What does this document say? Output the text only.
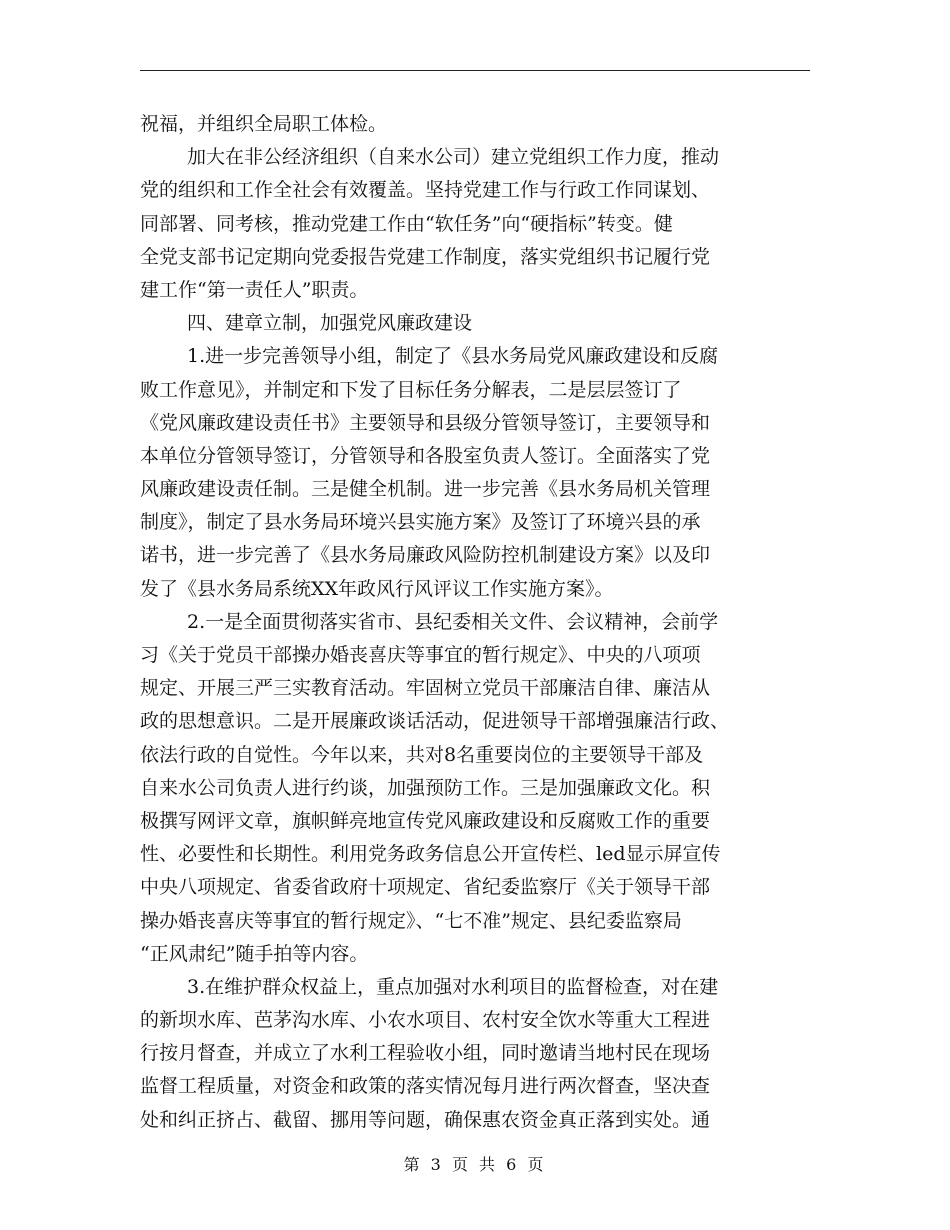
祝福，并组织全局职工体检。
加大在非公经济组织（自来水公司）建立党组织工作力度，推动
党的组织和工作全社会有效覆盖。坚持党建工作与行政工作同谋划、
同部署、同考核，推动党建工作由“软任务”向“硬指标”转变。健
全党支部书记定期向党委报告党建工作制度，落实党组织书记履行党
建工作“第一责任人”职责。
四、建章立制，加强党风廉政建设
1.进一步完善领导小组，制定了《县水务局党风廉政建设和反腐
败工作意见》，并制定和下发了目标任务分解表，二是层层签订了
《党风廉政建设责任书》主要领导和县级分管领导签订，主要领导和
本单位分管领导签订，分管领导和各股室负责人签订。全面落实了党
风廉政建设责任制。三是健全机制。进一步完善《县水务局机关管理
制度》，制定了县水务局环境兴县实施方案》及签订了环境兴县的承
诺书，进一步完善了《县水务局廉政风险防控机制建设方案》以及印
发了《县水务局系统XX年政风行风评议工作实施方案》。
2.一是全面贯彻落实省市、县纪委相关文件、会议精神，会前学
习《关于党员干部操办婚丧喜庆等事宜的暂行规定》、中央的八项项
规定、开展三严三实教育活动。牢固树立党员干部廉洁自律、廉洁从
政的思想意识。二是开展廉政谈话活动，促进领导干部增强廉洁行政、
依法行政的自觉性。今年以来，共对8名重要岗位的主要领导干部及
自来水公司负责人进行约谈，加强预防工作。三是加强廉政文化。积
极撰写网评文章，旗帜鲜亮地宣传党风廉政建设和反腐败工作的重要
性、必要性和长期性。利用党务政务信息公开宣传栏、led显示屏宣传
中央八项规定、省委省政府十项规定、省纪委监察厅《关于领导干部
操办婚丧喜庆等事宜的暂行规定》、“七不准”规定、县纪委监察局
“正风肃纪”随手拍等内容。
3.在维护群众权益上，重点加强对水利项目的监督检查，对在建
的新坝水库、芭茅沟水库、小农水项目、农村安全饮水等重大工程进
行按月督查，并成立了水利工程验收小组，同时邀请当地村民在现场
监督工程质量，对资金和政策的落实情况每月进行两次督查，坚决查
处和纠正挤占、截留、挪用等问题，确保惠农资金真正落到实处。通
第 3 页 共 6 页
